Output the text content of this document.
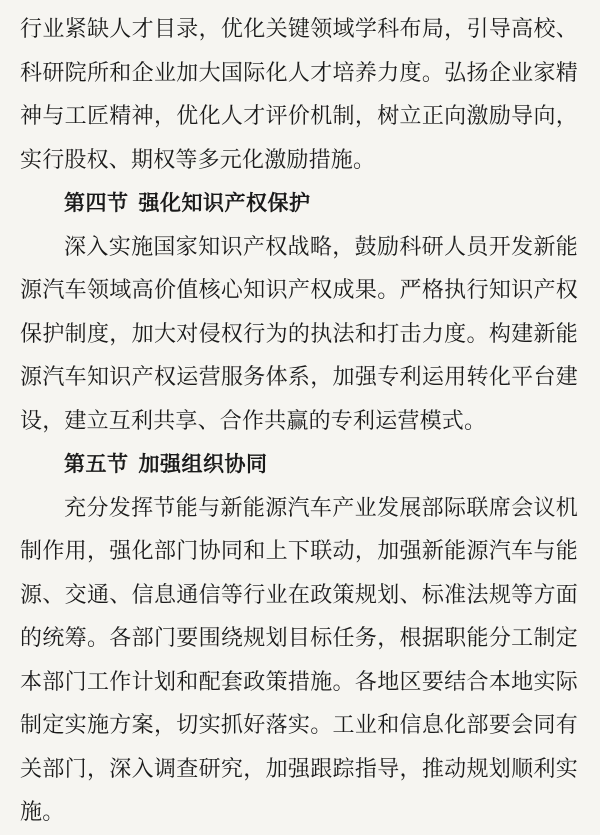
行业紧缺人才目录，优化关键领域学科布局，引导高校、科研院所和企业加大国际化人才培养力度。弘扬企业家精神与工匠精神，优化人才评价机制，树立正向激励导向，实行股权、期权等多元化激励措施。

第四节 强化知识产权保护

深入实施国家知识产权战略，鼓励科研人员开发新能源汽车领域高价值核心知识产权成果。严格执行知识产权保护制度，加大对侵权行为的执法和打击力度。构建新能源汽车知识产权运营服务体系，加强专利运用转化平台建设，建立互利共享、合作共赢的专利运营模式。

第五节 加强组织协同

充分发挥节能与新能源汽车产业发展部际联席会议机制作用，强化部门协同和上下联动，加强新能源汽车与能源、交通、信息通信等行业在政策规划、标准法规等方面的统筹。各部门要围绕规划目标任务，根据职能分工制定本部门工作计划和配套政策措施。各地区要结合本地实际制定实施方案，切实抓好落实。工业和信息化部要会同有关部门，深入调查研究，加强跟踪指导，推动规划顺利实施。
